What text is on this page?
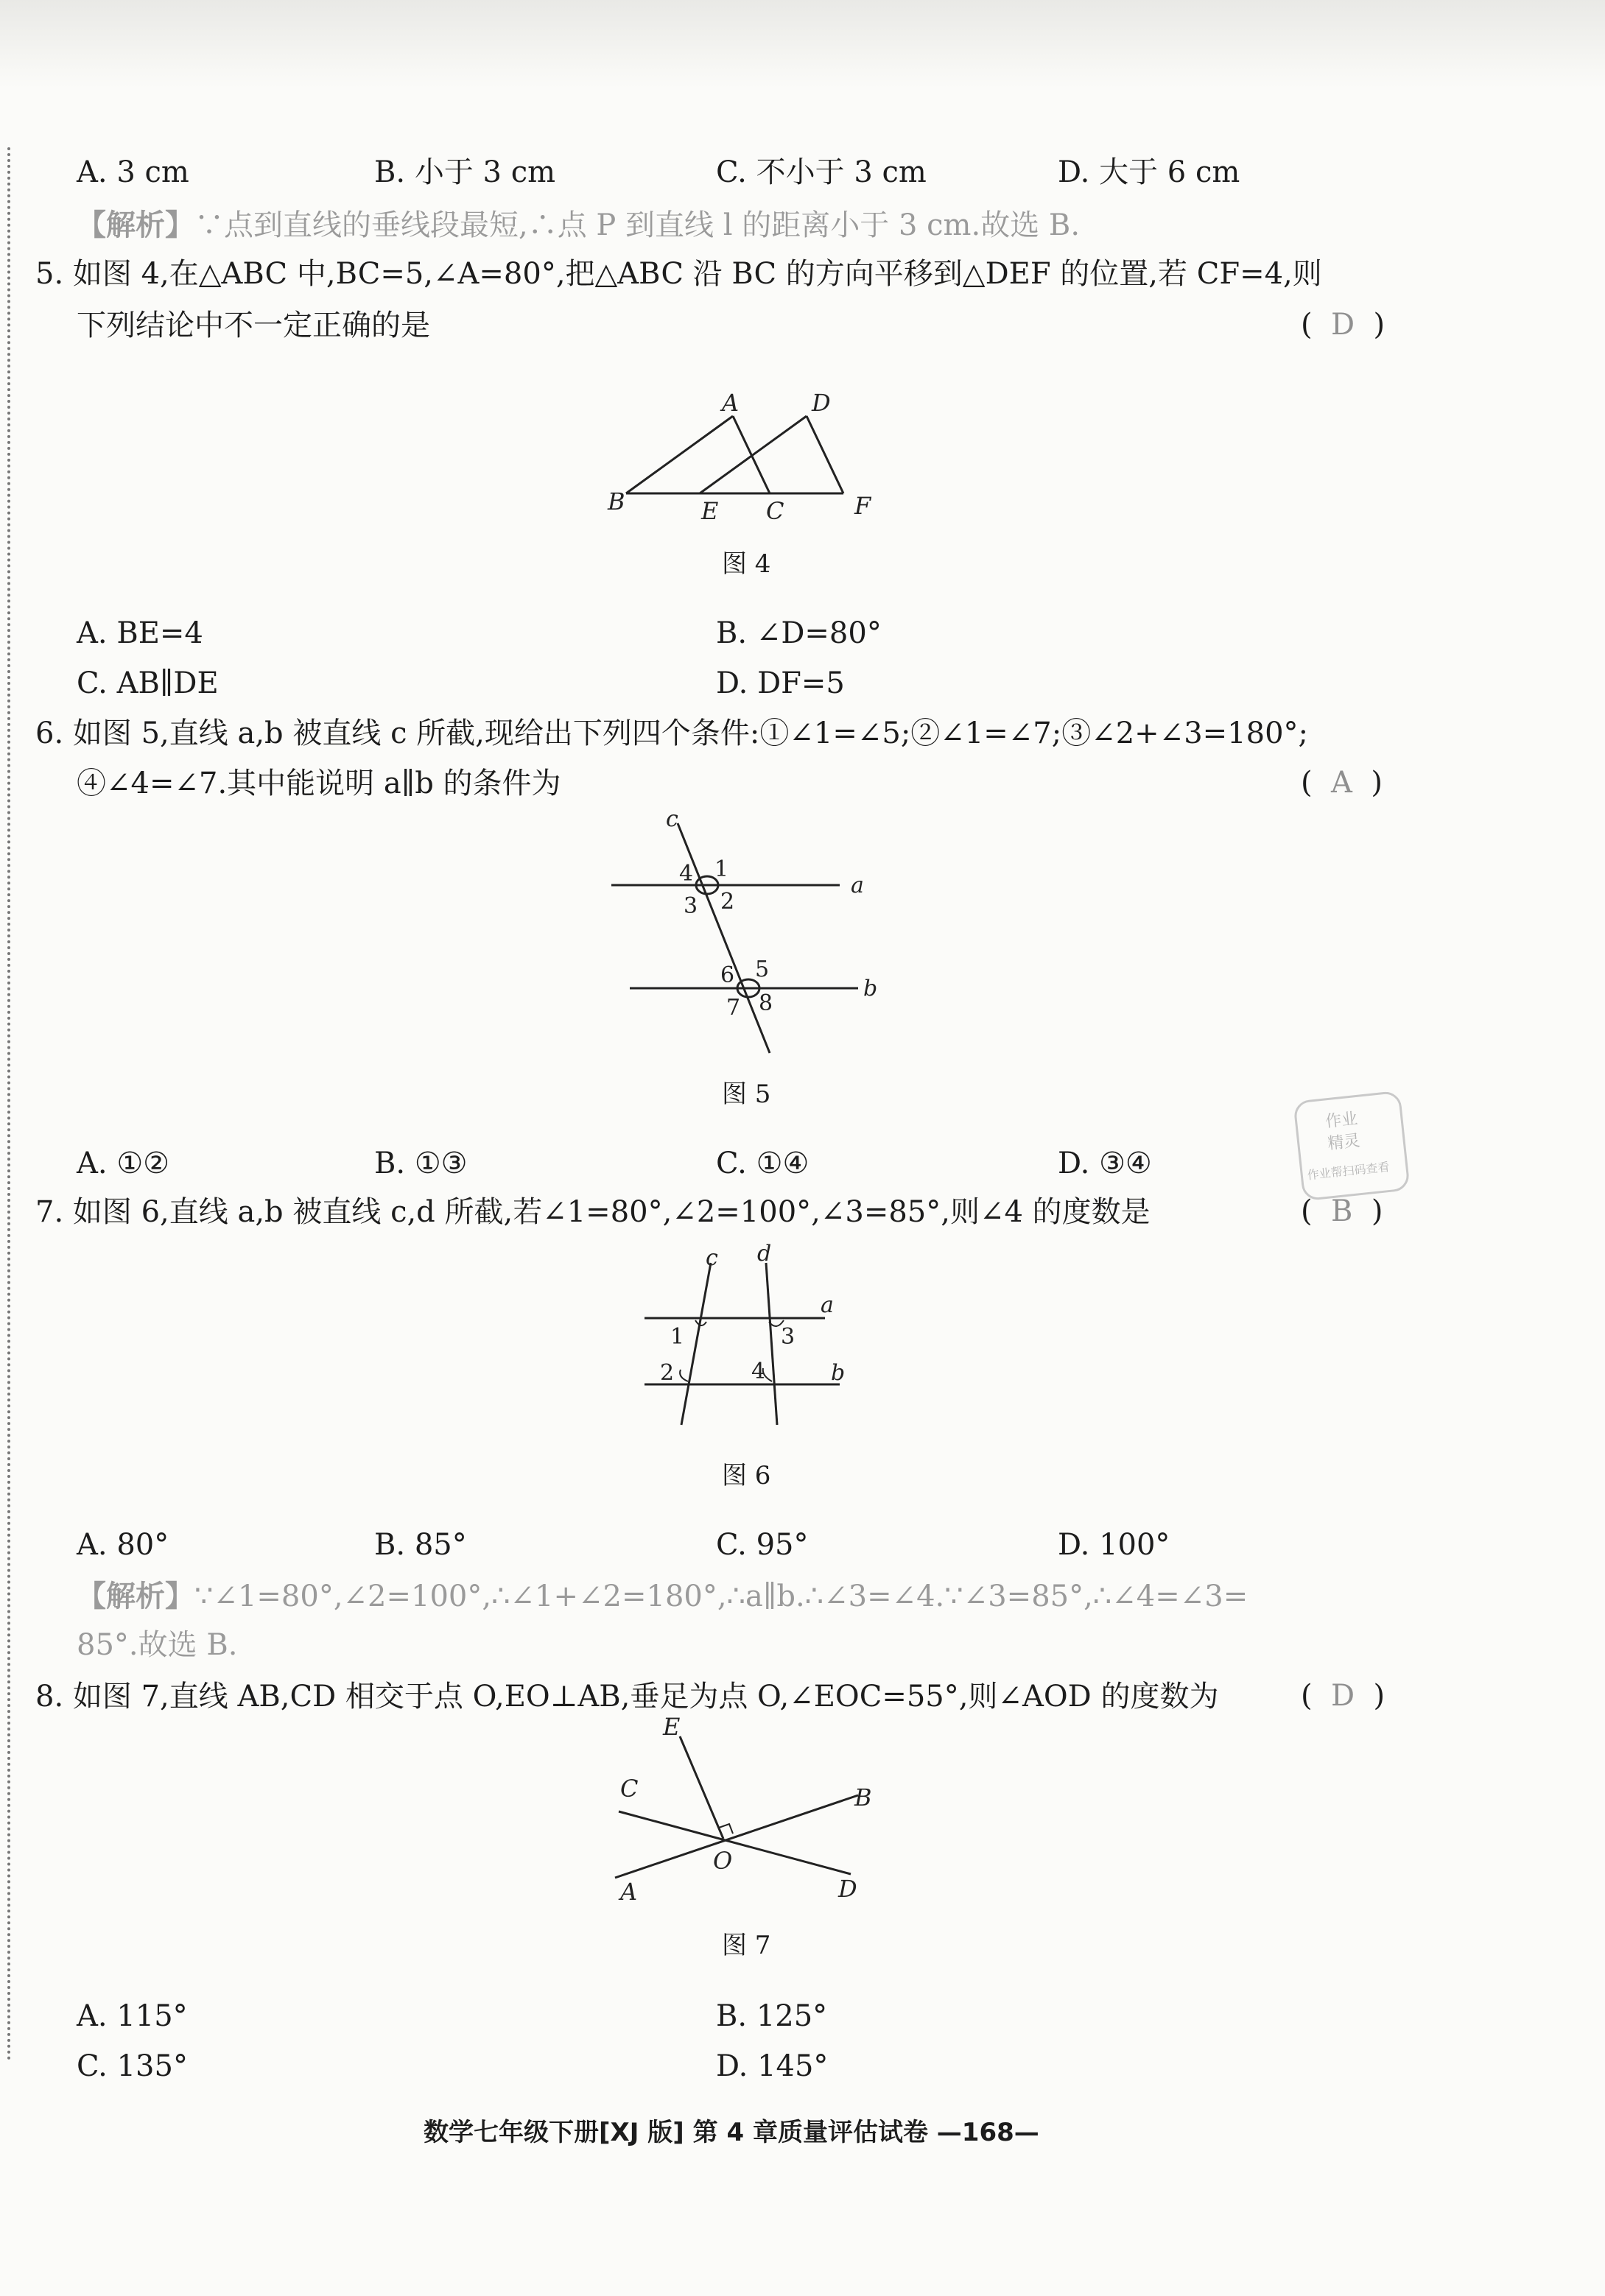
A. 3 cm	B. 小于 3 cm	C. 不小于 3 cm	D. 大于 6 cm
【解析】∵点到直线的垂线段最短,∴点 P 到直线 l 的距离小于 3 cm.故选 B.
5. 如图 4,在△ABC 中,BC=5,∠A=80°,把△ABC 沿 BC 的方向平移到△DEF 的位置,若 CF=4,则
下列结论中不一定正确的是	(  D  )
A	D
B	E C	F
图 4
A. BE=4	B. ∠D=80°
C. AB∥DE	D. DF=5
6. 如图 5,直线 a,b 被直线 c 所截,现给出下列四个条件:①∠1=∠5;②∠1=∠7;③∠2+∠3=180°;
④∠4=∠7.其中能说明 a∥b 的条件为	(  A  )
c
a
b
1
2
3
4
5
6
7 8
图 5
A. ①②	B. ①③	C. ①④	D. ③④
作业
精灵
作业帮扫码查看
7. 如图 6,直线 a,b 被直线 c,d 所截,若∠1=80°,∠2=100°,∠3=85°,则∠4 的度数是	(  B  )
c d
a
b
1
2
3
4
图 6
A. 80°	B. 85°	C. 95°	D. 100°
【解析】∵∠1=80°,∠2=100°,∴∠1+∠2=180°,∴a∥b.∴∠3=∠4.∵∠3=85°,∴∠4=∠3=
85°.故选 B.
8. 如图 7,直线 AB,CD 相交于点 O,EO⊥AB,垂足为点 O,∠EOC=55°,则∠AOD 的度数为	(  D  )
E
C	B
O
A	D
图 7
A. 115°	B. 125°
C. 135°	D. 145°
数学七年级下册[XJ 版] 第 4 章质量评估试卷 —168—
